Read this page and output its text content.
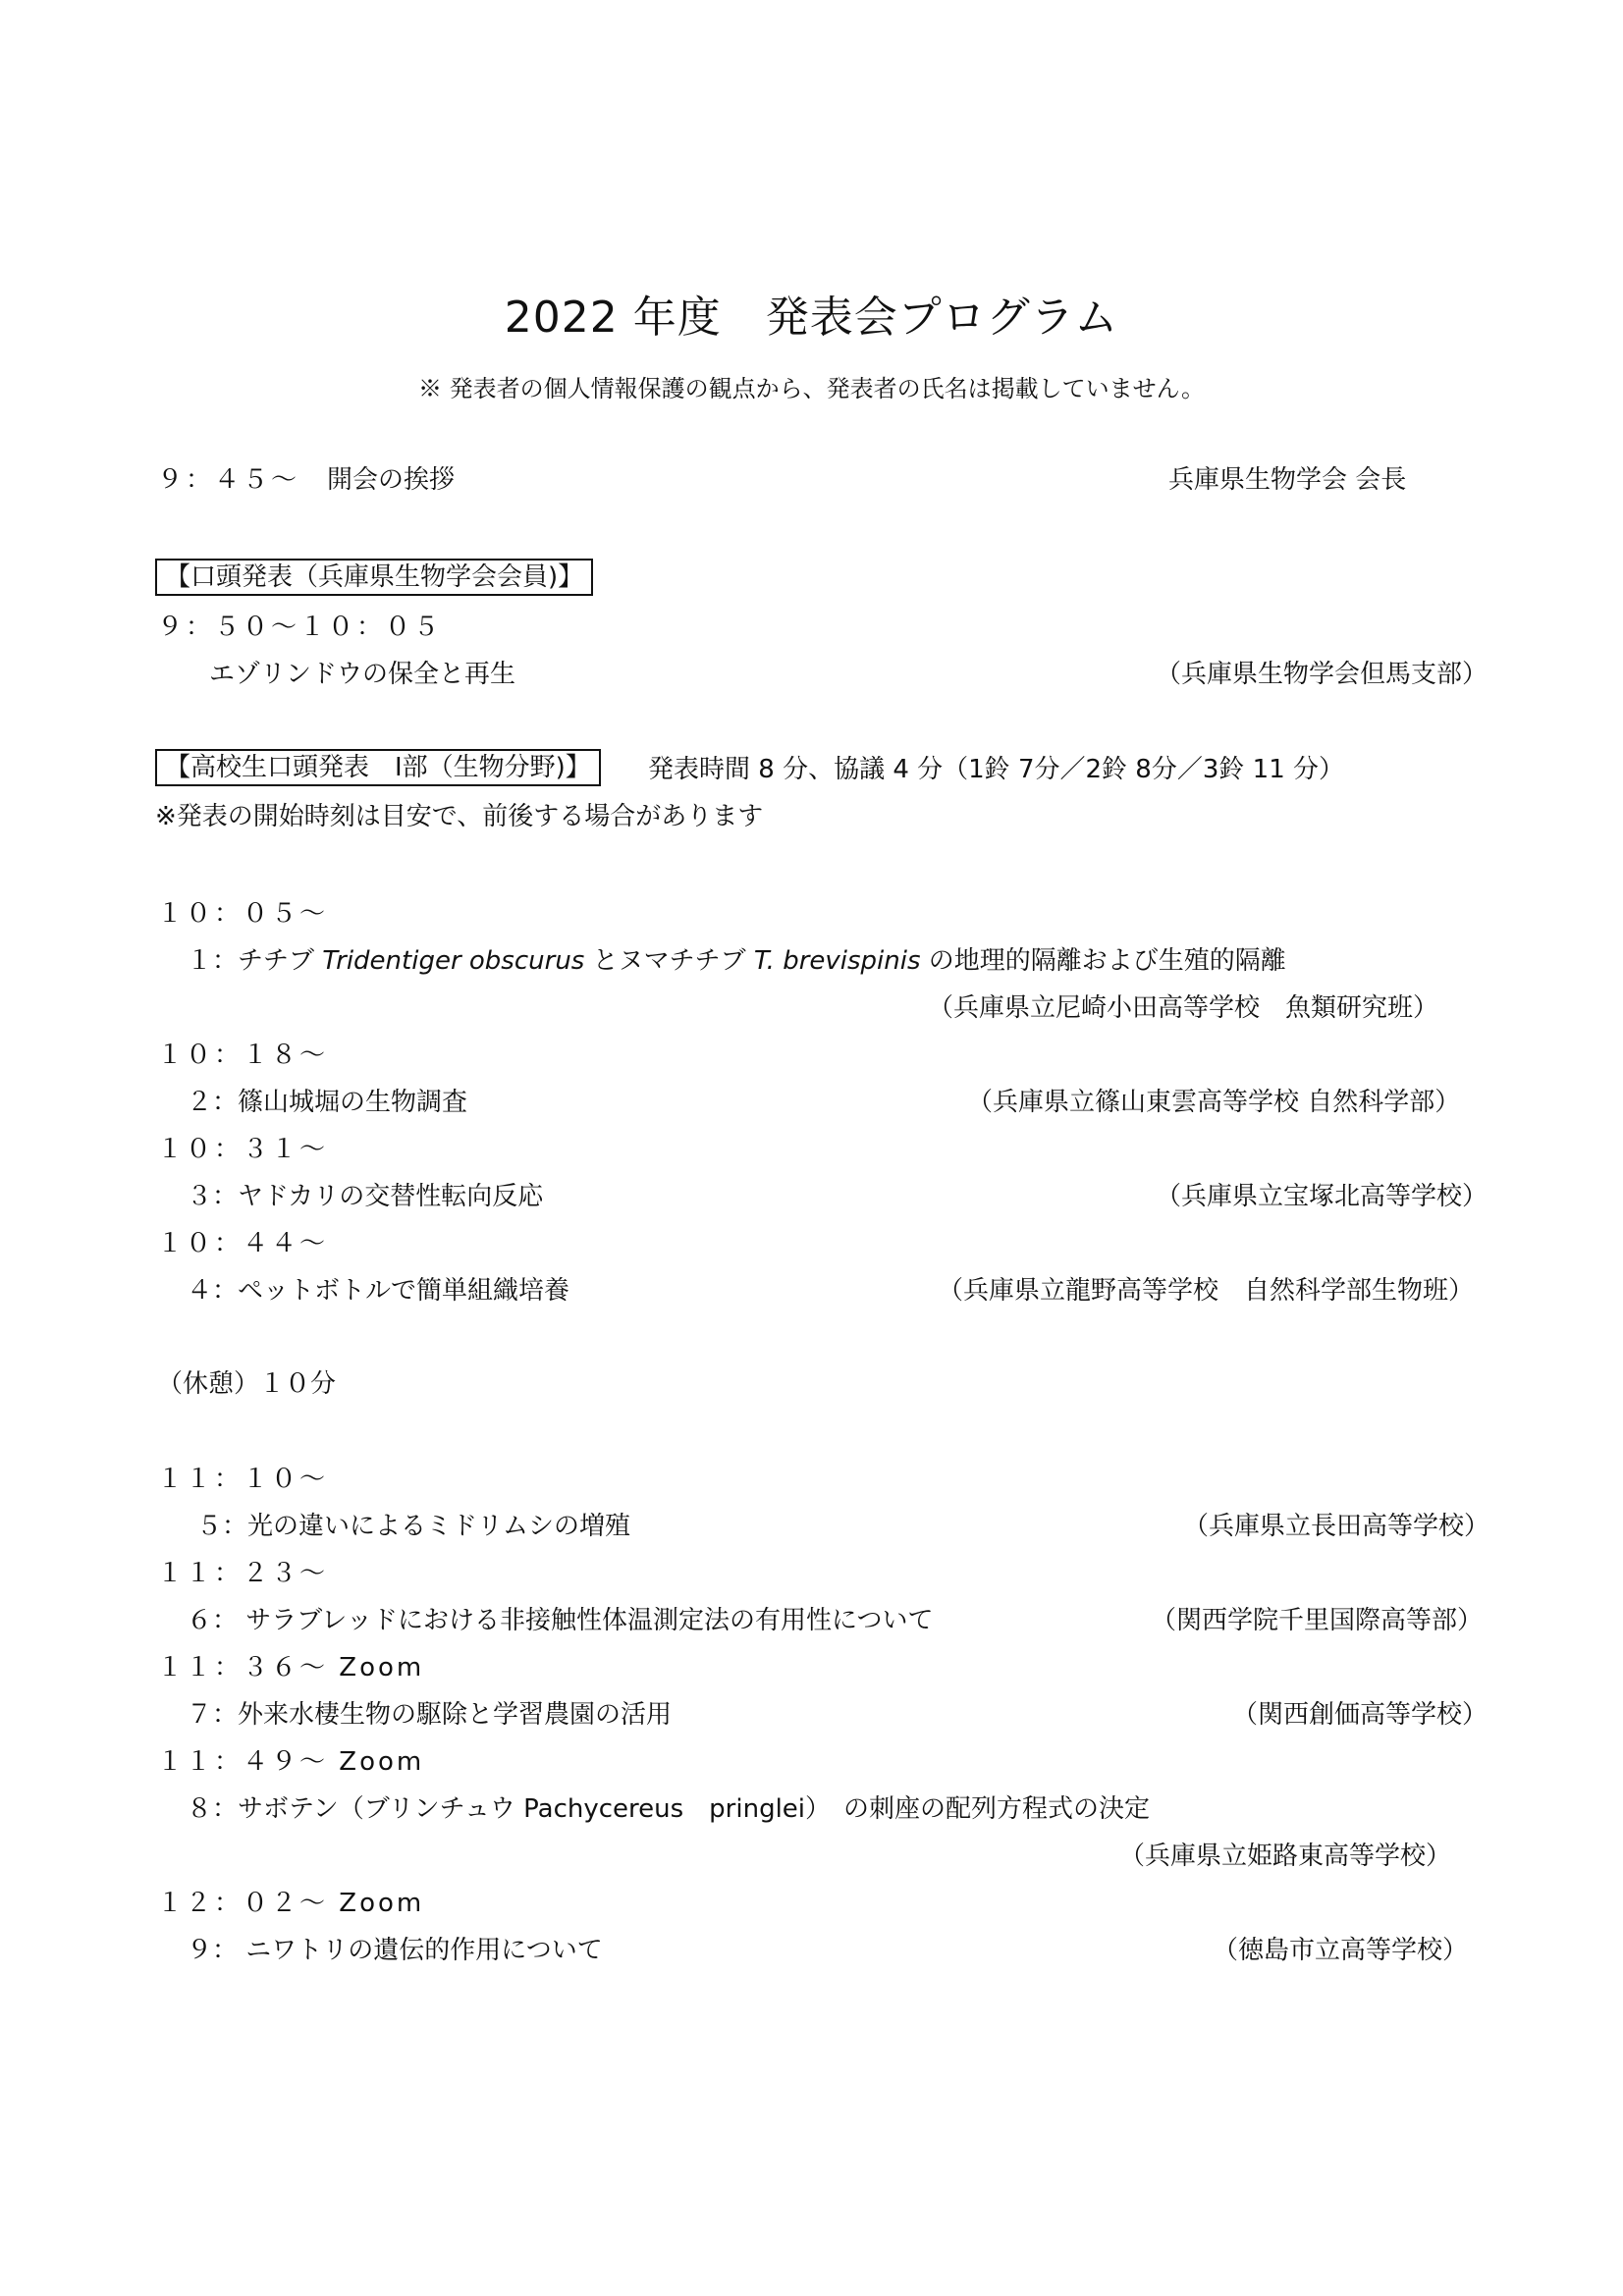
2022 年度　発表会プログラム
※ 発表者の個人情報保護の観点から、発表者の氏名は掲載していません。
９：４５～ 開会の挨拶	兵庫県生物学会 会長
【口頭発表（兵庫県生物学会会員)】
９：５０～１０：０５
エゾリンドウの保全と再生	（兵庫県生物学会但馬支部）
【高校生口頭発表　Ⅰ部（生物分野)】	発表時間 8 分、協議 4 分（1鈴 7分／2鈴 8分／3鈴 11 分）
※発表の開始時刻は目安で、前後する場合があります
１０：０５～
１：チチブ Tridentiger obscurus とヌマチチブ T. brevispinis の地理的隔離および生殖的隔離
（兵庫県立尼崎小田高等学校　魚類研究班）
１０：１８～
２：篠山城堀の生物調査	（兵庫県立篠山東雲高等学校 自然科学部）
１０：３１～
３：ヤドカリの交替性転向反応	（兵庫県立宝塚北高等学校）
１０：４４～
４：ペットボトルで簡単組織培養	（兵庫県立龍野高等学校　自然科学部生物班）
（休憩）１０分
１１：１０～
５：光の違いによるミドリムシの増殖	（兵庫県立長田高等学校）
１１：２３～
６： サラブレッドにおける非接触性体温測定法の有用性について	（関西学院千里国際高等部）
１１：３６～ Zoom
７：外来水棲生物の駆除と学習農園の活用	（関西創価高等学校）
１１：４９～ Zoom
８：サボテン（ブリンチュウ Pachycereus　pringlei）　の刺座の配列方程式の決定
（兵庫県立姫路東高等学校）
１２：０２～ Zoom
９： ニワトリの遺伝的作用について	（徳島市立高等学校）
